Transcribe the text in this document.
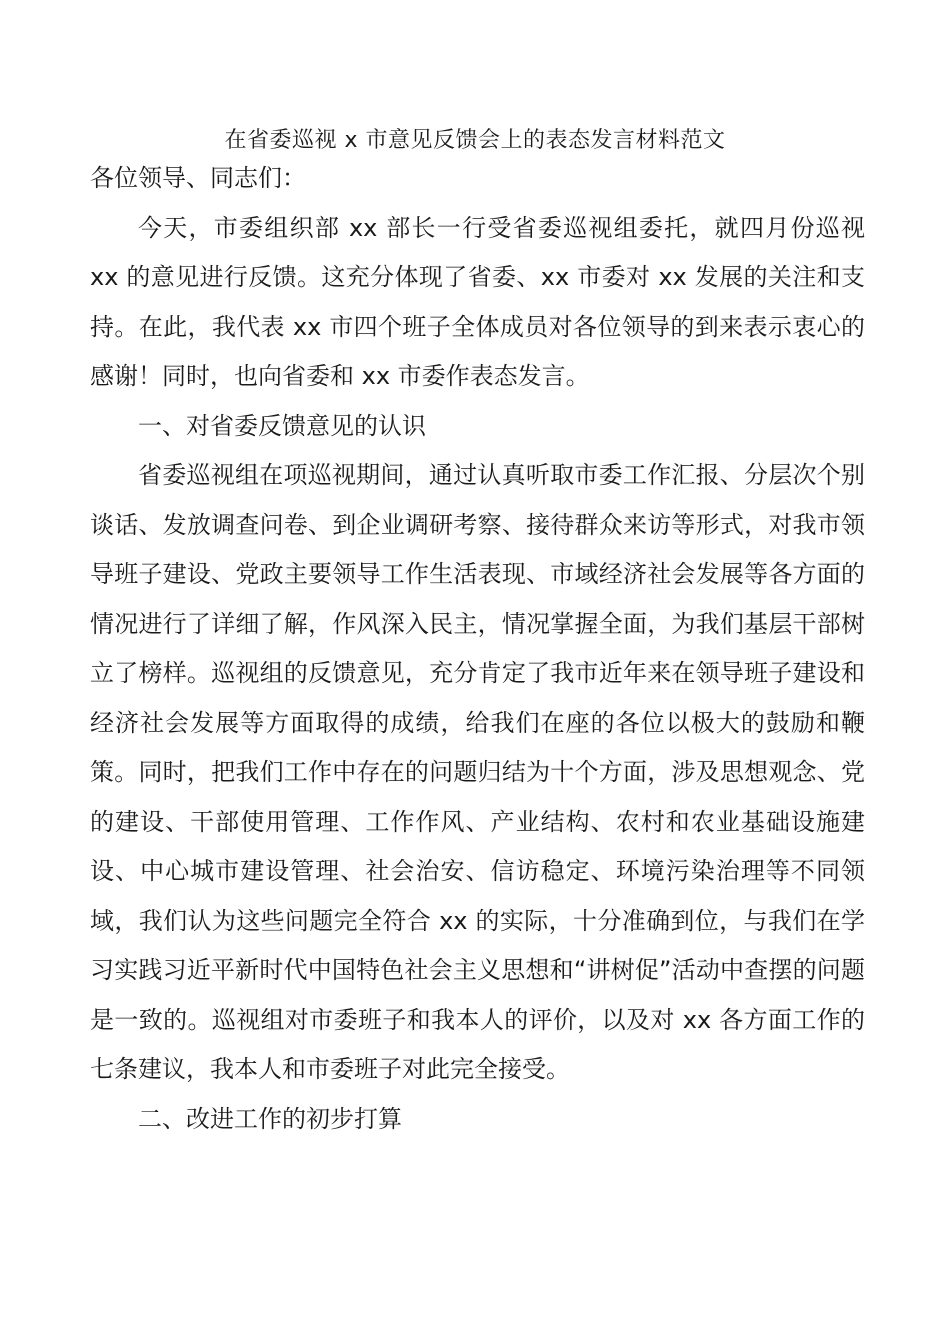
在省委巡视 x 市意见反馈会上的表态发言材料范文

各位领导、同志们：

今天，市委组织部 xx 部长一行受省委巡视组委托，就四月份巡视 xx 的意见进行反馈。这充分体现了省委、xx 市委对 xx 发展的关注和支持。在此，我代表 xx 市四个班子全体成员对各位领导的到来表示衷心的感谢！同时，也向省委和 xx 市委作表态发言。

一、对省委反馈意见的认识

省委巡视组在项巡视期间，通过认真听取市委工作汇报、分层次个别谈话、发放调查问卷、到企业调研考察、接待群众来访等形式，对我市领导班子建设、党政主要领导工作生活表现、市域经济社会发展等各方面的情况进行了详细了解，作风深入民主，情况掌握全面，为我们基层干部树立了榜样。巡视组的反馈意见，充分肯定了我市近年来在领导班子建设和经济社会发展等方面取得的成绩，给我们在座的各位以极大的鼓励和鞭策。同时，把我们工作中存在的问题归结为十个方面，涉及思想观念、党的建设、干部使用管理、工作作风、产业结构、农村和农业基础设施建设、中心城市建设管理、社会治安、信访稳定、环境污染治理等不同领域，我们认为这些问题完全符合 xx 的实际，十分准确到位，与我们在学习实践习近平新时代中国特色社会主义思想和“讲树促”活动中查摆的问题是一致的。巡视组对市委班子和我本人的评价，以及对 xx 各方面工作的七条建议，我本人和市委班子对此完全接受。

二、改进工作的初步打算
